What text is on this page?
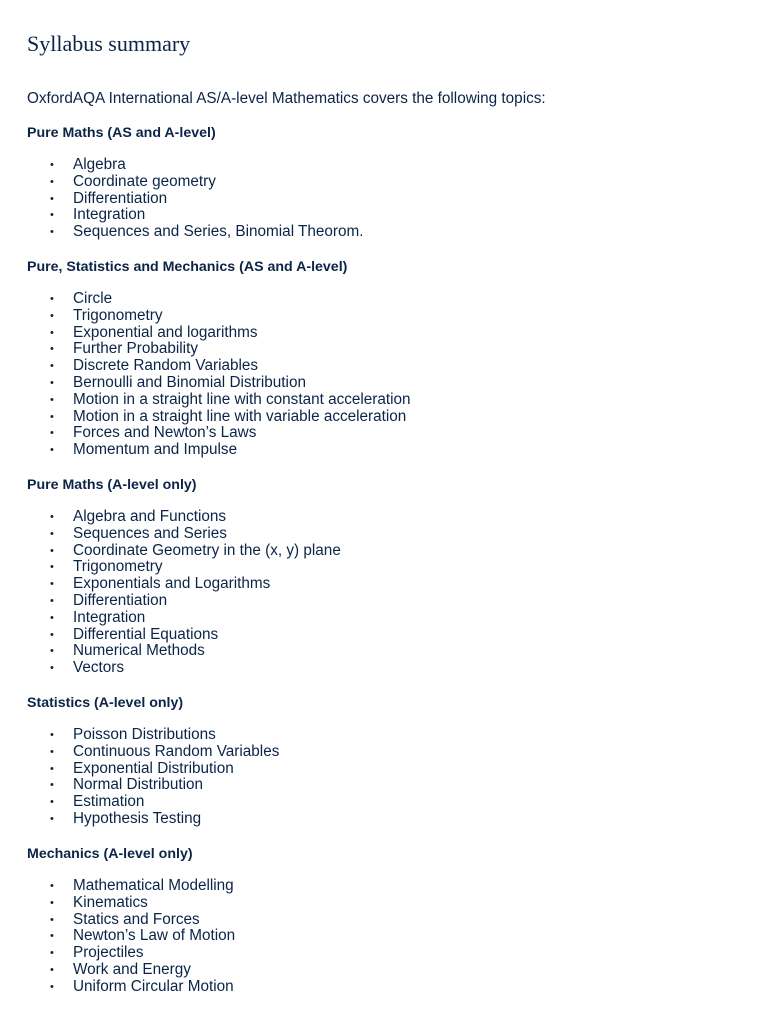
Syllabus summary

OxfordAQA International AS/A-level Mathematics covers the following topics:

Pure Maths (AS and A-level)
• Algebra
• Coordinate geometry
• Differentiation
• Integration
• Sequences and Series, Binomial Theorom.
Pure, Statistics and Mechanics (AS and A-level)
• Circle
• Trigonometry
• Exponential and logarithms
• Further Probability
• Discrete Random Variables
• Bernoulli and Binomial Distribution
• Motion in a straight line with constant acceleration
• Motion in a straight line with variable acceleration
• Forces and Newton’s Laws
• Momentum and Impulse
Pure Maths (A-level only)
• Algebra and Functions
• Sequences and Series
• Coordinate Geometry in the (x, y) plane
• Trigonometry
• Exponentials and Logarithms
• Differentiation
• Integration
• Differential Equations
• Numerical Methods
• Vectors
Statistics (A-level only)
• Poisson Distributions
• Continuous Random Variables
• Exponential Distribution
• Normal Distribution
• Estimation
• Hypothesis Testing
Mechanics (A-level only)
• Mathematical Modelling
• Kinematics
• Statics and Forces
• Newton’s Law of Motion
• Projectiles
• Work and Energy
• Uniform Circular Motion
